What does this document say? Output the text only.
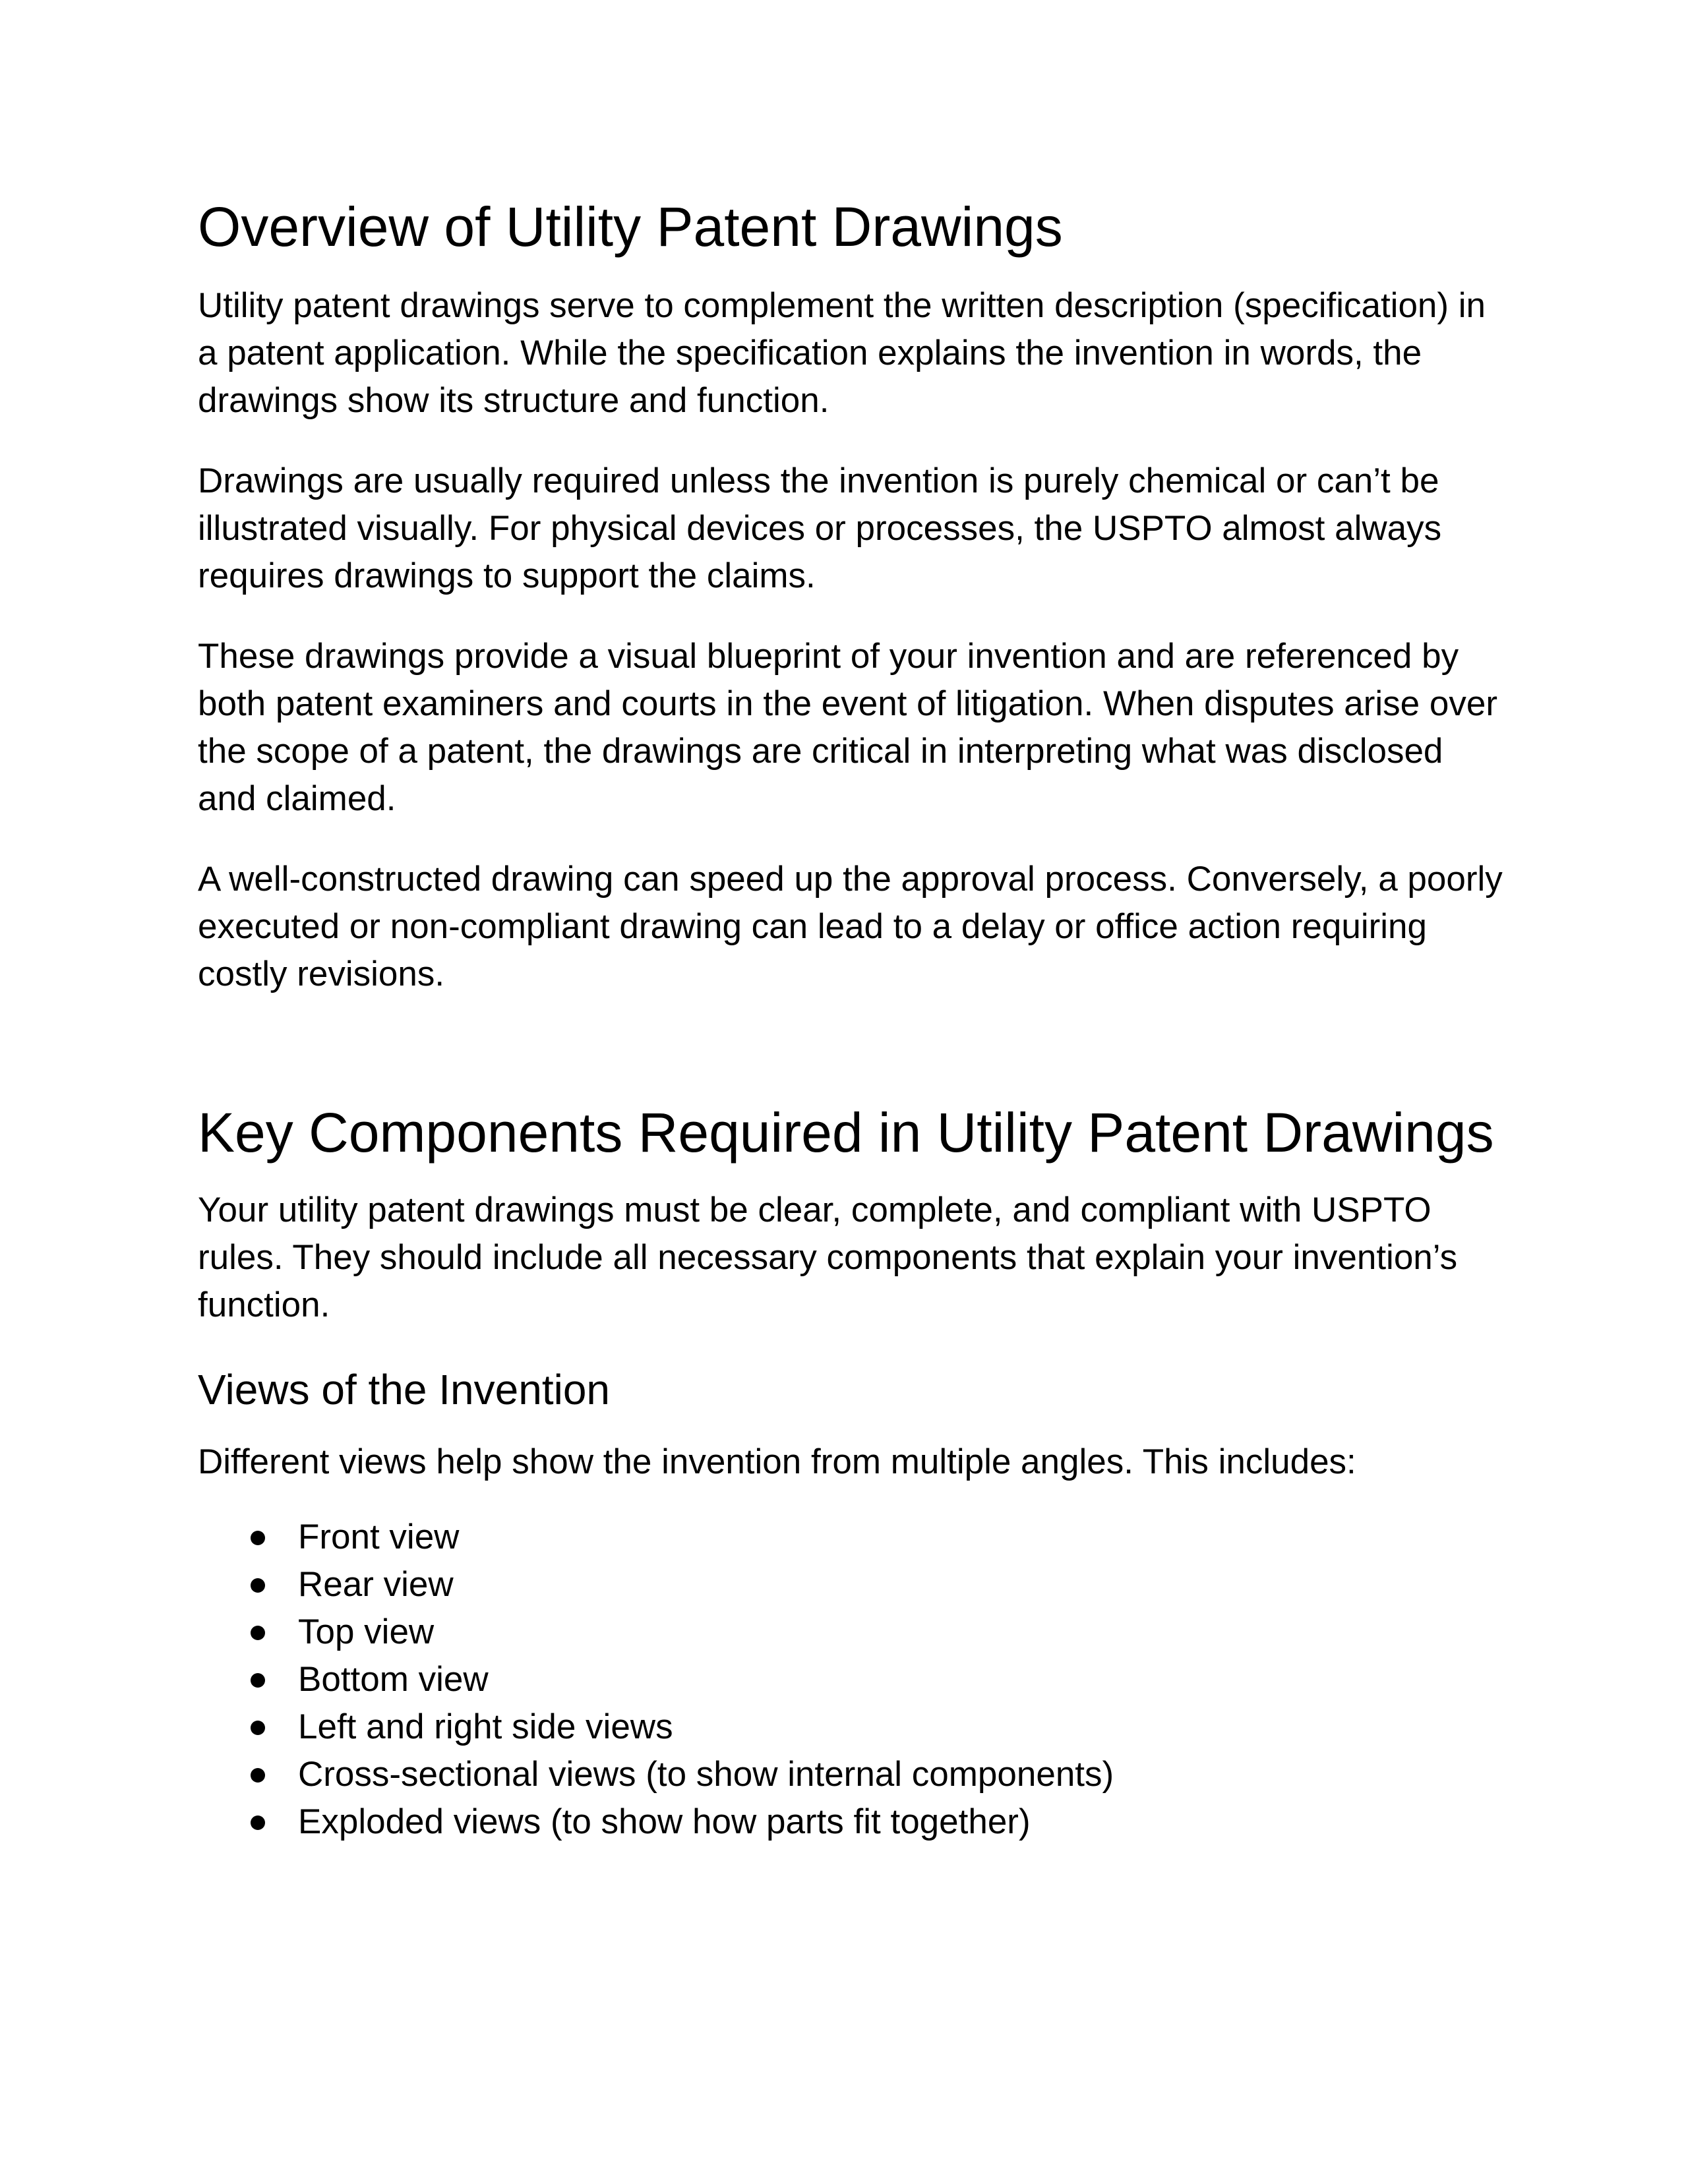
Overview of Utility Patent Drawings

Utility patent drawings serve to complement the written description (specification) in a patent application. While the specification explains the invention in words, the drawings show its structure and function.

Drawings are usually required unless the invention is purely chemical or can’t be illustrated visually. For physical devices or processes, the USPTO almost always requires drawings to support the claims.

These drawings provide a visual blueprint of your invention and are referenced by both patent examiners and courts in the event of litigation. When disputes arise over the scope of a patent, the drawings are critical in interpreting what was disclosed and claimed.

A well-constructed drawing can speed up the approval process. Conversely, a poorly executed or non-compliant drawing can lead to a delay or office action requiring costly revisions.

Key Components Required in Utility Patent Drawings

Your utility patent drawings must be clear, complete, and compliant with USPTO rules. They should include all necessary components that explain your invention’s function.

Views of the Invention

Different views help show the invention from multiple angles. This includes:

Front view
Rear view
Top view
Bottom view
Left and right side views
Cross-sectional views (to show internal components)
Exploded views (to show how parts fit together)
